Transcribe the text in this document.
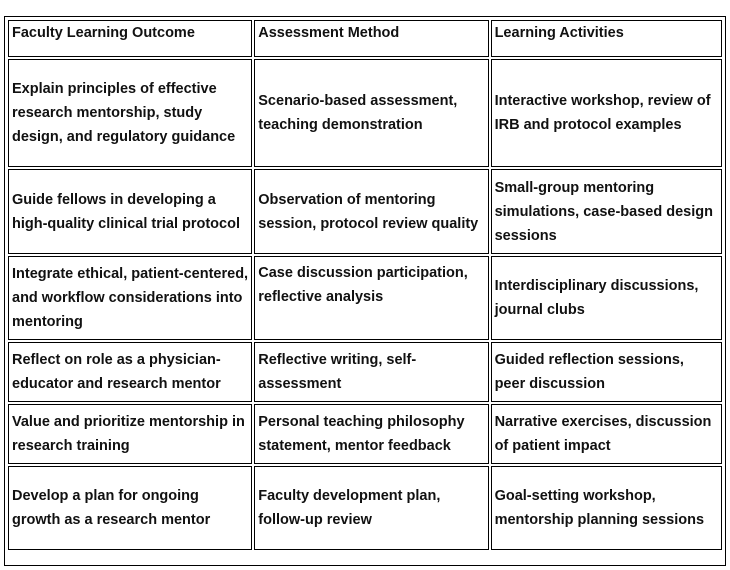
Faculty Learning Outcome	Assessment Method	Learning Activities
Explain principles of effective research mentorship, study design, and regulatory guidance	Scenario-based assessment, teaching demonstration	Interactive workshop, review of IRB and protocol examples
Guide fellows in developing a high-quality clinical trial protocol	Observation of mentoring session, protocol review quality	Small-group mentoring simulations, case-based design sessions
Integrate ethical, patient-centered, and workflow considerations into mentoring	Case discussion participation, reflective analysis	Interdisciplinary discussions, journal clubs
Reflect on role as a physician-educator and research mentor	Reflective writing, self-assessment	Guided reflection sessions, peer discussion
Value and prioritize mentorship in research training	Personal teaching philosophy statement, mentor feedback	Narrative exercises, discussion of patient impact
Develop a plan for ongoing growth as a research mentor	Faculty development plan, follow-up review	Goal-setting workshop, mentorship planning sessions
